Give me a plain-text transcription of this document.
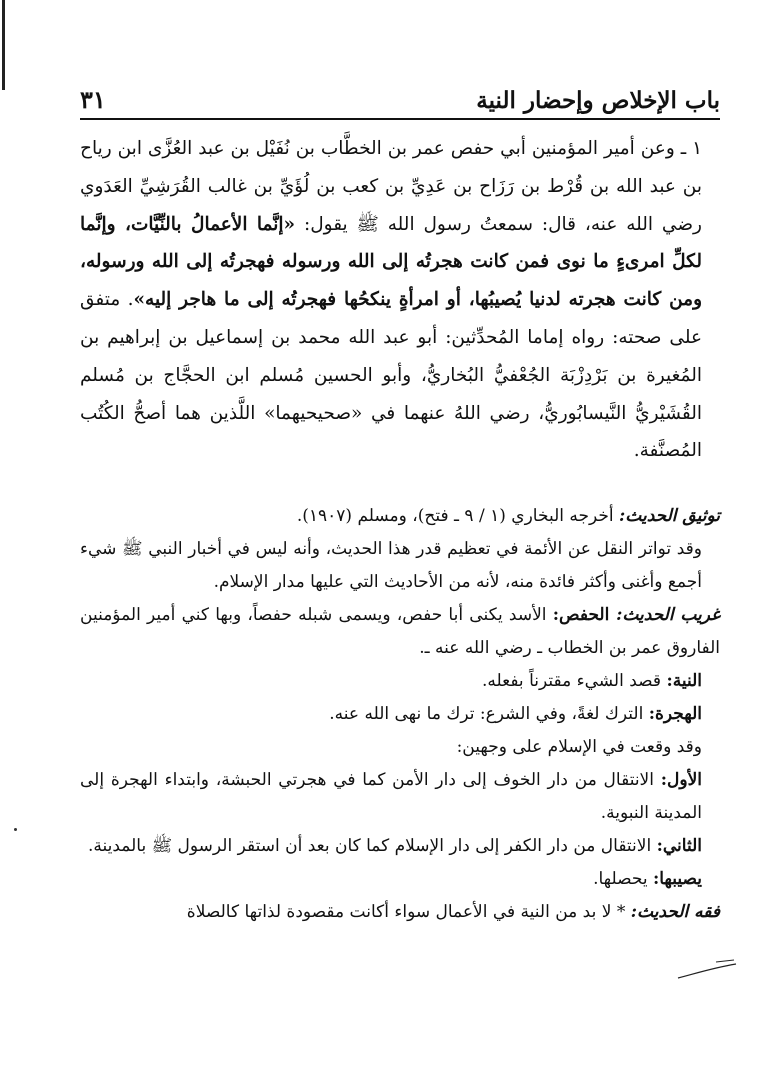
باب الإخلاص وإحضار النية
٣١

١ ـ وعن أمير المؤمنين أبي حفص عمر بن الخطَّاب بن نُفَيْل بن عبد العُزَّى ابن رياح بن عبد الله بن قُرْط بن رَزَاح بن عَدِيِّ بن كعب بن لُؤَيِّ بن غالب القُرَشِيِّ العَدَوي رضي الله عنه، قال: سمعتُ رسول الله ﷺ يقول: «إنَّما الأعمالُ بالنِّيَّات، وإنَّما لكلِّ امرىءٍ ما نوى فمن كانت هجرتُه إلى الله ورسوله فهجرتُه إلى الله ورسوله، ومن كانت هجرته لدنيا يُصيبُها، أو امرأةٍ ينكحُها فهجرتُه إلى ما هاجر إليه». متفق على صحته: رواه إماما المُحدِّثين: أبو عبد الله محمد بن إسماعيل بن إبراهيم بن المُغيرة بن بَرْدِزْبَة الجُعْفيُّ البُخاريُّ، وأبو الحسين مُسلم ابن الحجَّاج بن مُسلم القُشَيْريُّ النَّيسابُوريُّ، رضي اللهُ عنهما في «صحيحيهما» اللَّذين هما أصحُّ الكُتُب المُصنَّفة.

توثيق الحديث: أخرجه البخاري (١ / ٩ ـ فتح)، ومسلم (١٩٠٧).

وقد تواتر النقل عن الأئمة في تعظيم قدر هذا الحديث، وأنه ليس في أخبار النبي ﷺ شيء أجمع وأغنى وأكثر فائدة منه، لأنه من الأحاديث التي عليها مدار الإسلام.

غريب الحديث: الحفص: الأسد يكنى أبا حفص، ويسمى شبله حفصاً، وبها كني أمير المؤمنين الفاروق عمر بن الخطاب ـ رضي الله عنه ـ.

النية: قصد الشيء مقترناً بفعله.

الهجرة: الترك لغةً، وفي الشرع: ترك ما نهى الله عنه.

وقد وقعت في الإسلام على وجهين:

الأول: الانتقال من دار الخوف إلى دار الأمن كما في هجرتي الحبشة، وابتداء الهجرة إلى المدينة النبوية.

الثاني: الانتقال من دار الكفر إلى دار الإسلام كما كان بعد أن استقر الرسول ﷺ بالمدينة.

يصيبها: يحصلها.

فقه الحديث: * لا بد من النية في الأعمال سواء أكانت مقصودة لذاتها كالصلاة
